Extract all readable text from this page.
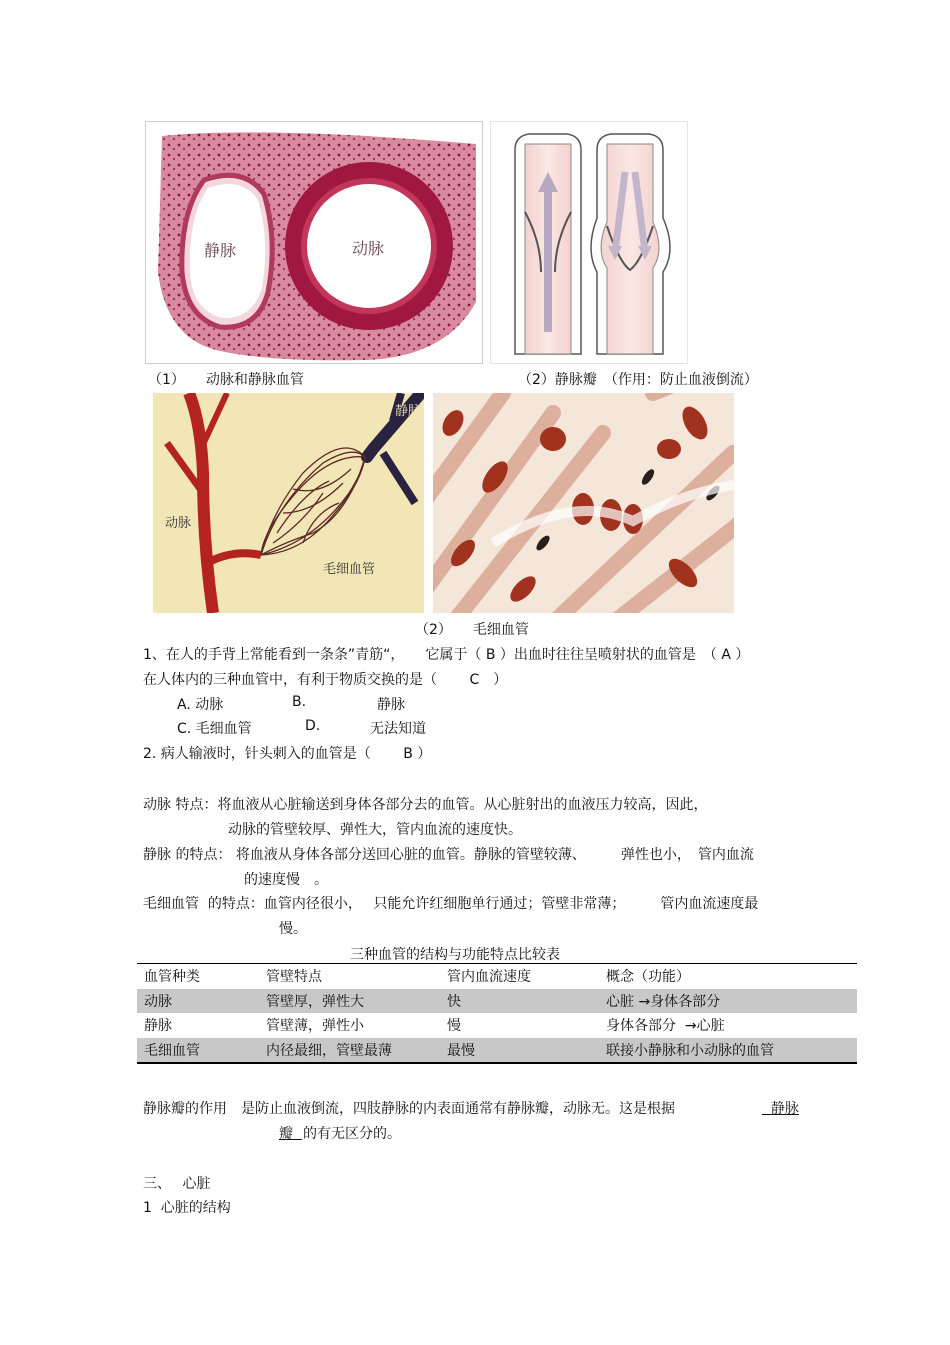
静脉	动脉
（1）　　动脉和静脉血管	（2）静脉瓣　（作用：防止血液倒流）
静脉
动脉
毛细血管
（2）　　毛细血管
1、在人的手背上常能看到一条条”青筋“，　　它属于（ B ）出血时往往呈喷射状的血管是　（ A ）
在人体内的三种血管中，有利于物质交换的是（　　 C　）
A. 动脉	B.	静脉
C. 毛细血管	D.	无法知道
2. 病人输液时，针头刺入的血管是（　　 B ）
动脉 特点：将血液从心脏输送到身体各部分去的血管。从心脏射出的血液压力较高，因此，
动脉的管壁较厚、弹性大，管内血流的速度快。
静脉 的特点： 将血液从身体各部分送回心脏的血管。静脉的管壁较薄、　　　弹性也小，　管内血流
的速度慢　。
毛细血管  的特点：血管内径很小，　 只能允许红细胞单行通过；管壁非常薄；　　　管内血流速度最
慢。
三种血管的结构与功能特点比较表
血管种类	管壁特点	管内血流速度	概念（功能）
动脉	管壁厚，弹性大	快	心脏 →身体各部分
静脉	管壁薄，弹性小	慢	身体各部分  →心脏
毛细血管	内径最细，管壁最薄	最慢	联接小静脉和小动脉的血管
静脉瓣的作用　是防止血液倒流，四肢静脉的内表面通常有静脉瓣，动脉无。这是根据	静脉
瓣 的有无区分的。
三、　 心脏
1  心脏的结构
